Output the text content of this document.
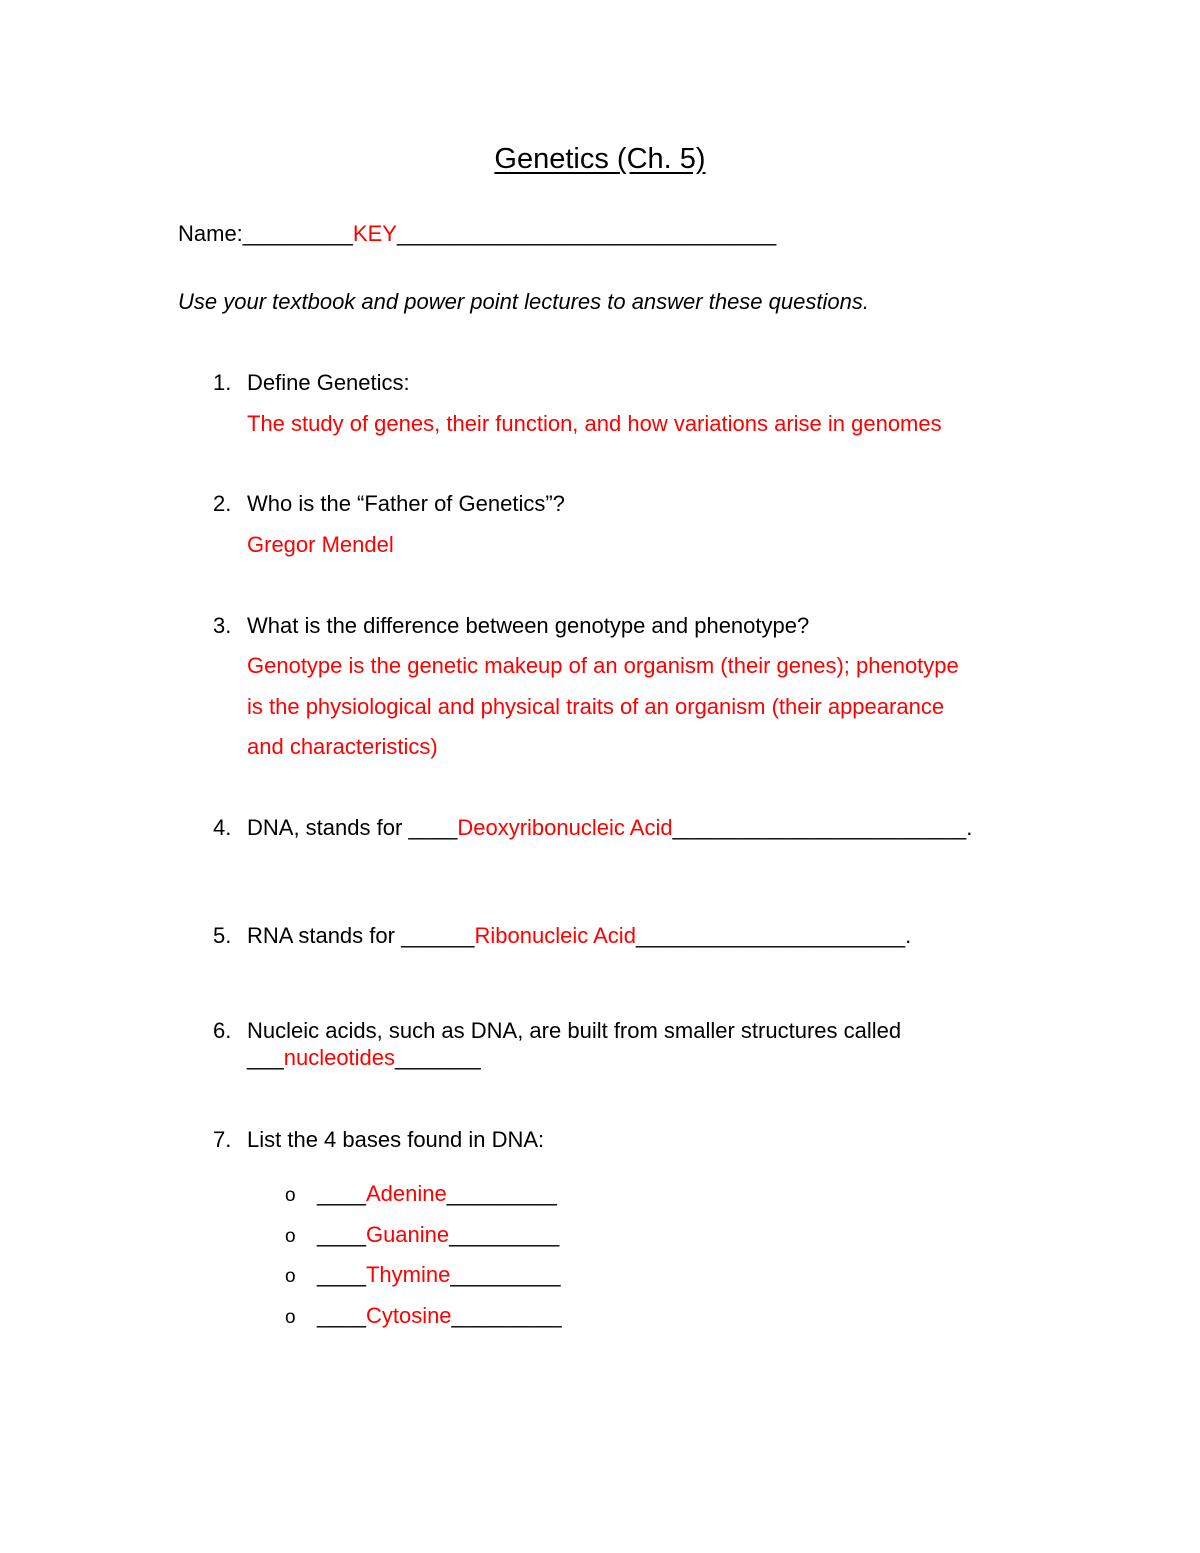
Genetics (Ch. 5)
Name:_________KEY_______________________________
Use your textbook and power point lectures to answer these questions.
1. Define Genetics:
The study of genes, their function, and how variations arise in genomes
2. Who is the “Father of Genetics”?
Gregor Mendel
3. What is the difference between genotype and phenotype?
Genotype is the genetic makeup of an organism (their genes); phenotype
is the physiological and physical traits of an organism (their appearance
and characteristics)
4. DNA, stands for ____Deoxyribonucleic Acid________________________.
5. RNA stands for ______Ribonucleic Acid______________________.
6. Nucleic acids, such as DNA, are built from smaller structures called
___nucleotides_______
7. List the 4 bases found in DNA:
o ____Adenine_________
o ____Guanine_________
o ____Thymine_________
o ____Cytosine_________
